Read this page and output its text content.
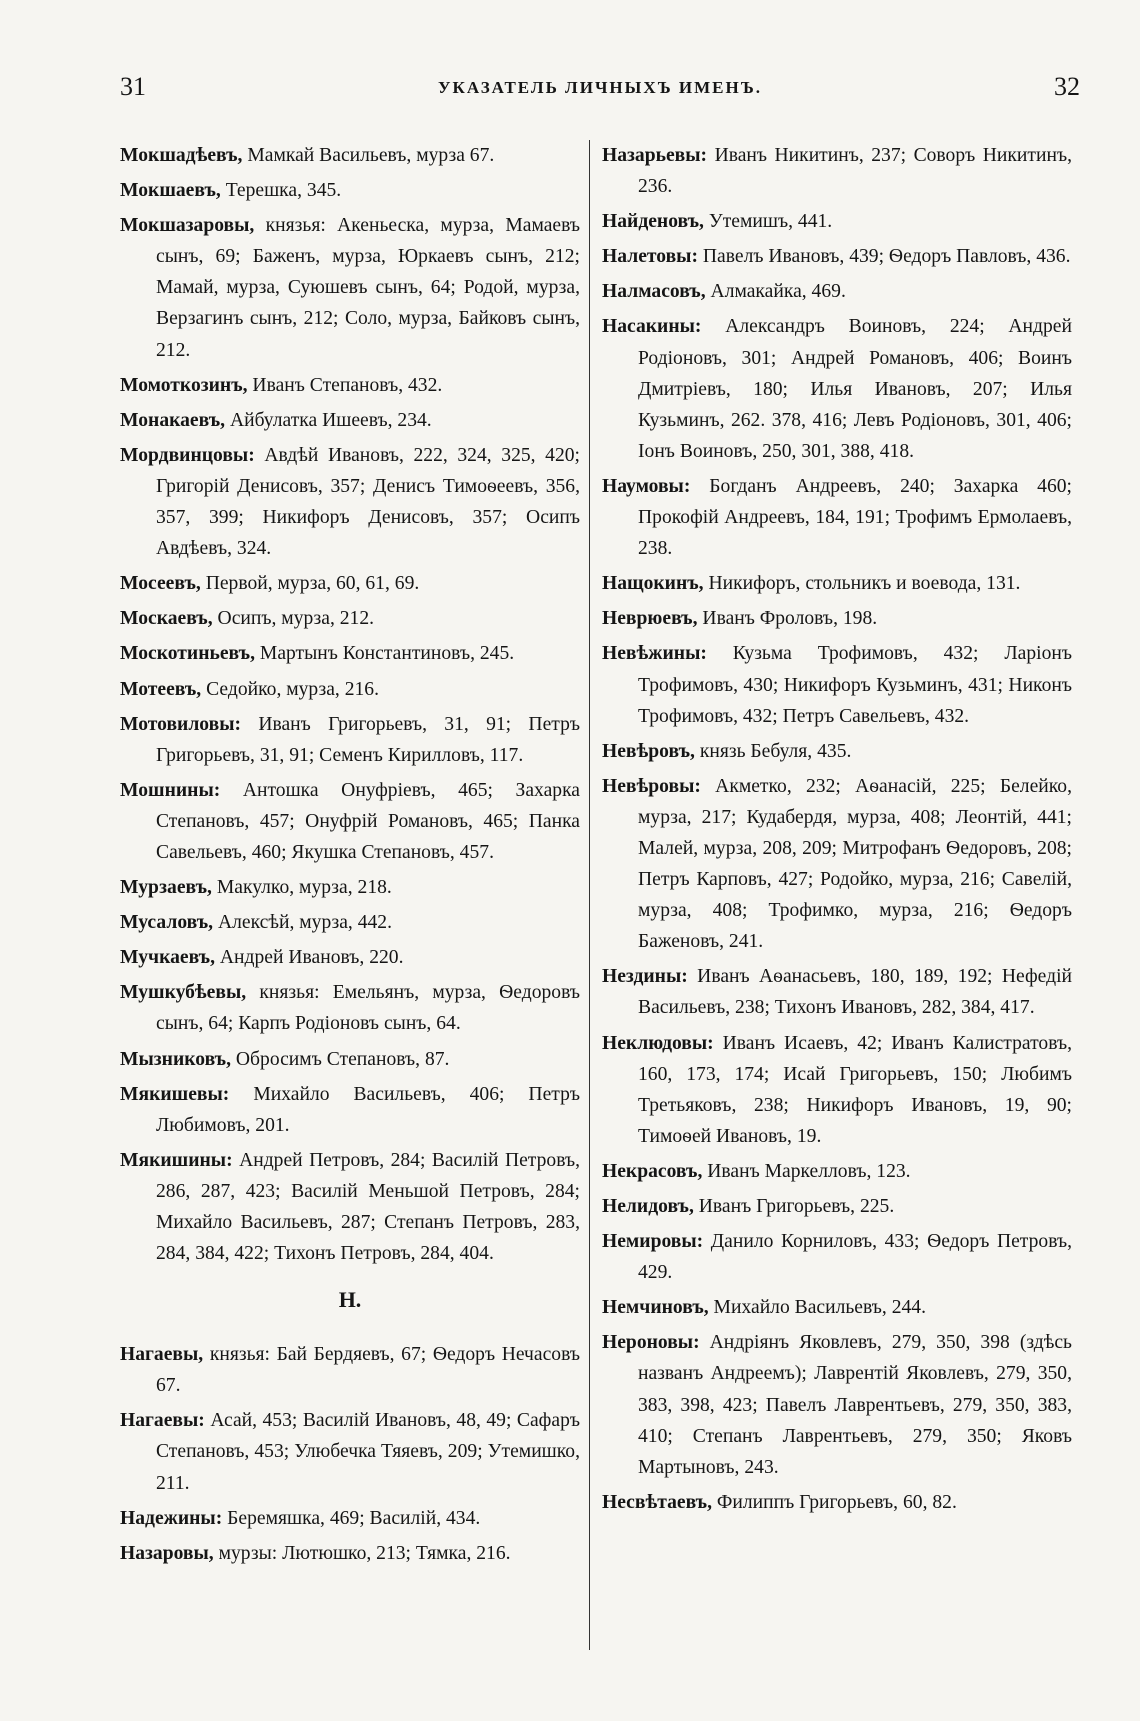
31	УКАЗАТЕЛЬ ЛИЧНЫХЪ ИМЕНЪ.	32
Мокшадѣевъ, Мамкай Васильевъ, мурза 67.
Мокшаевъ, Терешка, 345.
Мокшазаровы, князья: Акеньеска, мурза, Мамаевъ сынъ, 69; Баженъ, мурза, Юркаевъ сынъ, 212; Мамай, мурза, Суюшевъ сынъ, 64; Родой, мурза, Верзагинъ сынъ, 212; Соло, мурза, Байковъ сынъ, 212.
Момоткозинъ, Иванъ Степановъ, 432.
Монакаевъ, Айбулатка Ишеевъ, 234.
Мордвинцовы: Авдѣй Ивановъ, 222, 324, 325, 420; Григорій Денисовъ, 357; Денисъ Тимоѳеевъ, 356, 357, 399; Никифоръ Денисовъ, 357; Осипъ Авдѣевъ, 324.
Мосеевъ, Первой, мурза, 60, 61, 69.
Москаевъ, Осипъ, мурза, 212.
Москотиньевъ, Мартынъ Константиновъ, 245.
Мотеевъ, Седойко, мурза, 216.
Мотовиловы: Иванъ Григорьевъ, 31, 91; Петръ Григорьевъ, 31, 91; Семенъ Кирилловъ, 117.
Мошнины: Антошка Онуфріевъ, 465; Захарка Степановъ, 457; Онуфрій Романовъ, 465; Панка Савельевъ, 460; Якушка Степановъ, 457.
Мурзаевъ, Макулко, мурза, 218.
Мусаловъ, Алексѣй, мурза, 442.
Мучкаевъ, Андрей Ивановъ, 220.
Мушкубѣевы, князья: Емельянъ, мурза, Ѳедоровъ сынъ, 64; Карпъ Родіоновъ сынъ, 64.
Мызниковъ, Обросимъ Степановъ, 87.
Мякишевы: Михайло Васильевъ, 406; Петръ Любимовъ, 201.
Мякишины: Андрей Петровъ, 284; Василій Петровъ, 286, 287, 423; Василій Меньшой Петровъ, 284; Михайло Васильевъ, 287; Степанъ Петровъ, 283, 284, 384, 422; Тихонъ Петровъ, 284, 404.
Н.
Нагаевы, князья: Бай Бердяевъ, 67; Ѳедоръ Нечасовъ 67.
Нагаевы: Асай, 453; Василій Ивановъ, 48, 49; Сафаръ Степановъ, 453; Улюбечка Тяяевъ, 209; Утемишко, 211.
Надежины: Беремяшка, 469; Василій, 434.
Назаровы, мурзы: Лютюшко, 213; Тямка, 216.
Назарьевы: Иванъ Никитинъ, 237; Соворъ Никитинъ, 236.
Найденовъ, Утемишъ, 441.
Налетовы: Павелъ Ивановъ, 439; Ѳедоръ Павловъ, 436.
Налмасовъ, Алмакайка, 469.
Насакины: Александръ Воиновъ, 224; Андрей Родіоновъ, 301; Андрей Романовъ, 406; Воинъ Дмитріевъ, 180; Илья Ивановъ, 207; Илья Кузьминъ, 262. 378, 416; Левъ Родіоновъ, 301, 406; Іонъ Воиновъ, 250, 301, 388, 418.
Наумовы: Богданъ Андреевъ, 240; Захарка 460; Прокофій Андреевъ, 184, 191; Трофимъ Ермолаевъ, 238.
Нащокинъ, Никифоръ, стольникъ и воевода, 131.
Неврюевъ, Иванъ Фроловъ, 198.
Невѣжины: Кузьма Трофимовъ, 432; Ларіонъ Трофимовъ, 430; Никифоръ Кузьминъ, 431; Никонъ Трофимовъ, 432; Петръ Савельевъ, 432.
Невѣровъ, князь Бебуля, 435.
Невѣровы: Акметко, 232; Аѳанасій, 225; Белейко, мурза, 217; Кудабердя, мурза, 408; Леонтій, 441; Малей, мурза, 208, 209; Митрофанъ Ѳедоровъ, 208; Петръ Карповъ, 427; Родойко, мурза, 216; Савелій, мурза, 408; Трофимко, мурза, 216; Ѳедоръ Баженовъ, 241.
Нездины: Иванъ Аѳанасьевъ, 180, 189, 192; Нефедій Васильевъ, 238; Тихонъ Ивановъ, 282, 384, 417.
Неклюдовы: Иванъ Исаевъ, 42; Иванъ Калистратовъ, 160, 173, 174; Исай Григорьевъ, 150; Любимъ Третьяковъ, 238; Никифоръ Ивановъ, 19, 90; Тимоѳей Ивановъ, 19.
Некрасовъ, Иванъ Маркелловъ, 123.
Нелидовъ, Иванъ Григорьевъ, 225.
Немировы: Данило Корниловъ, 433; Ѳедоръ Петровъ, 429.
Немчиновъ, Михайло Васильевъ, 244.
Нероновы: Андріянъ Яковлевъ, 279, 350, 398 (здѣсь названъ Андреемъ); Лаврентій Яковлевъ, 279, 350, 383, 398, 423; Павелъ Лаврентьевъ, 279, 350, 383, 410; Степанъ Лаврентьевъ, 279, 350; Яковъ Мартыновъ, 243.
Несвѣтаевъ, Филиппъ Григорьевъ, 60, 82.
